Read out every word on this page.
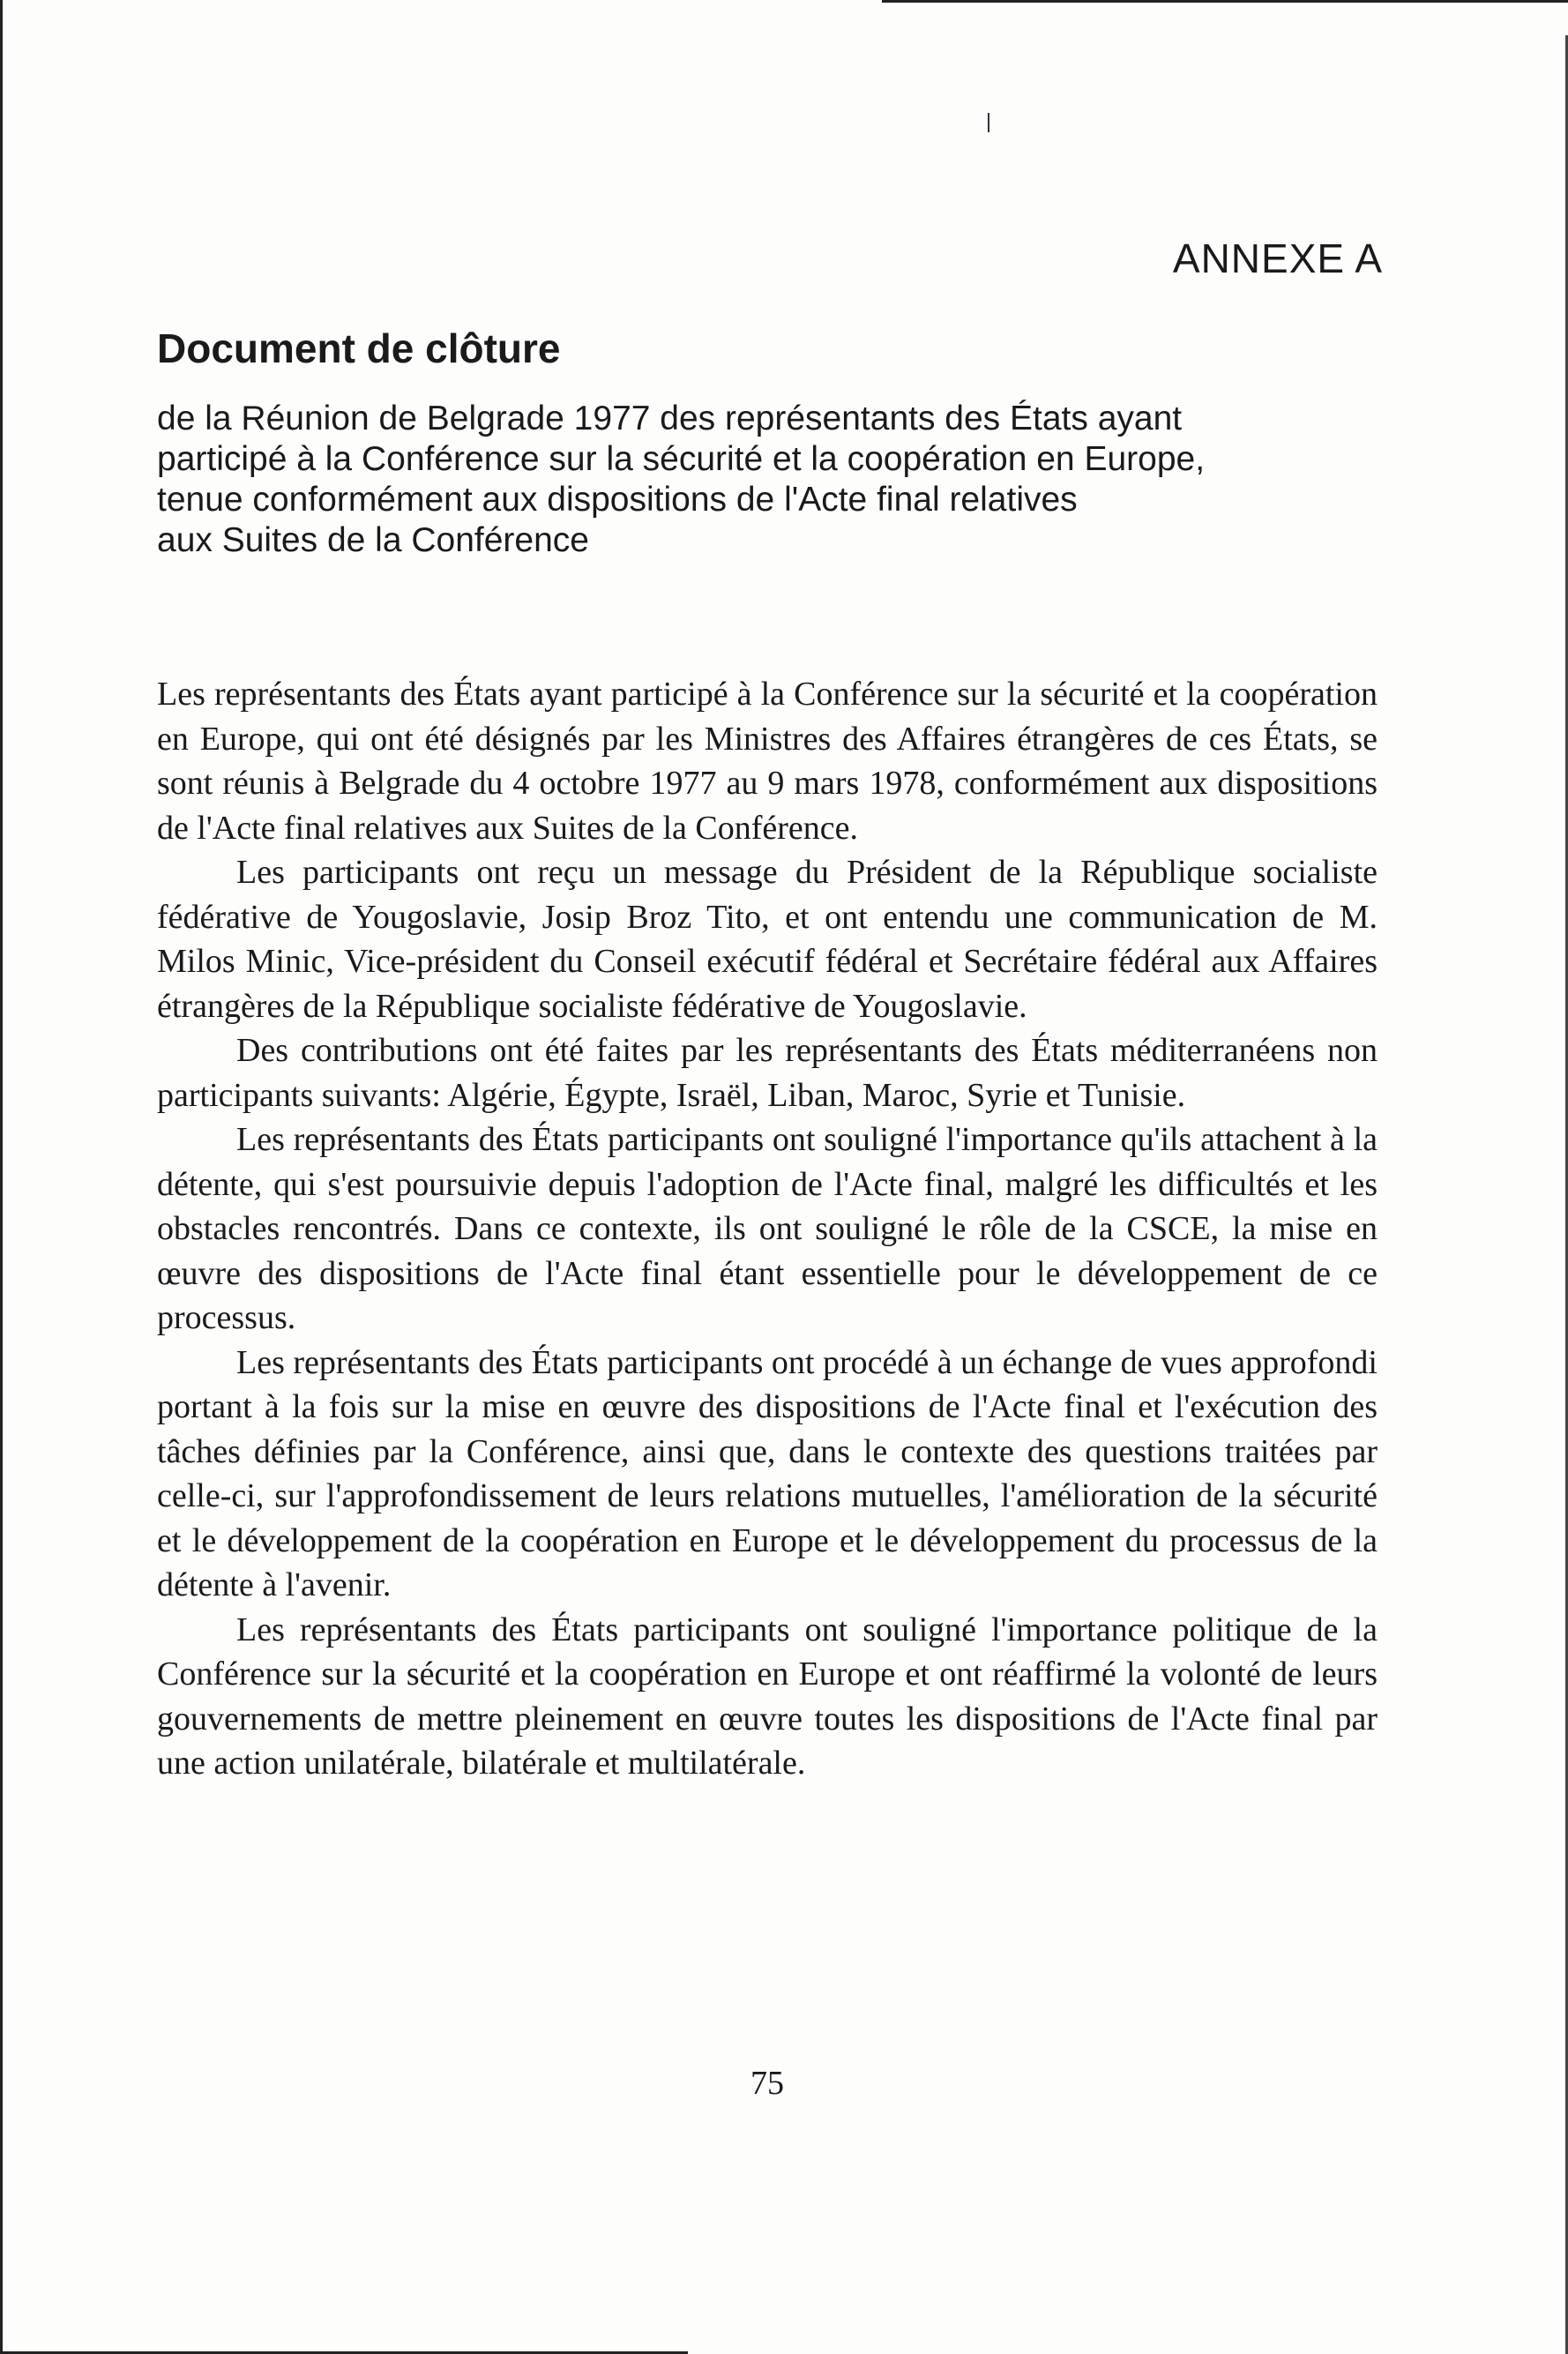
ANNEXE A
Document de clôture

de la Réunion de Belgrade 1977 des représentants des États ayant
participé à la Conférence sur la sécurité et la coopération en Europe,
tenue conformément aux dispositions de l'Acte final relatives
aux Suites de la Conférence

Les représentants des États ayant participé à la Conférence sur la sécurité et la coopération en Europe, qui ont été désignés par les Ministres des Affaires étrangères de ces États, se sont réunis à Belgrade du 4 octobre 1977 au 9 mars 1978, conformément aux dispositions de l'Acte final relatives aux Suites de la Conférence.

Les participants ont reçu un message du Président de la République socialiste fédérative de Yougoslavie, Josip Broz Tito, et ont entendu une communication de M. Milos Minic, Vice-président du Conseil exécutif fédéral et Secrétaire fédéral aux Affaires étrangères de la République socialiste fédérative de Yougoslavie.

Des contributions ont été faites par les représentants des États méditerranéens non participants suivants: Algérie, Égypte, Israël, Liban, Maroc, Syrie et Tunisie.

Les représentants des États participants ont souligné l'importance qu'ils attachent à la détente, qui s'est poursuivie depuis l'adoption de l'Acte final, malgré les difficultés et les obstacles rencontrés. Dans ce contexte, ils ont souligné le rôle de la CSCE, la mise en œuvre des dispositions de l'Acte final étant essentielle pour le développement de ce processus.

Les représentants des États participants ont procédé à un échange de vues approfondi portant à la fois sur la mise en œuvre des dispositions de l'Acte final et l'exécution des tâches définies par la Conférence, ainsi que, dans le contexte des questions traitées par celle-ci, sur l'approfondissement de leurs relations mutuelles, l'amélioration de la sécurité et le développement de la coopération en Europe et le développement du processus de la détente à l'avenir.

Les représentants des États participants ont souligné l'importance politique de la Conférence sur la sécurité et la coopération en Europe et ont réaffirmé la volonté de leurs gouvernements de mettre pleinement en œuvre toutes les dispositions de l'Acte final par une action unilatérale, bilatérale et multilatérale.

75
